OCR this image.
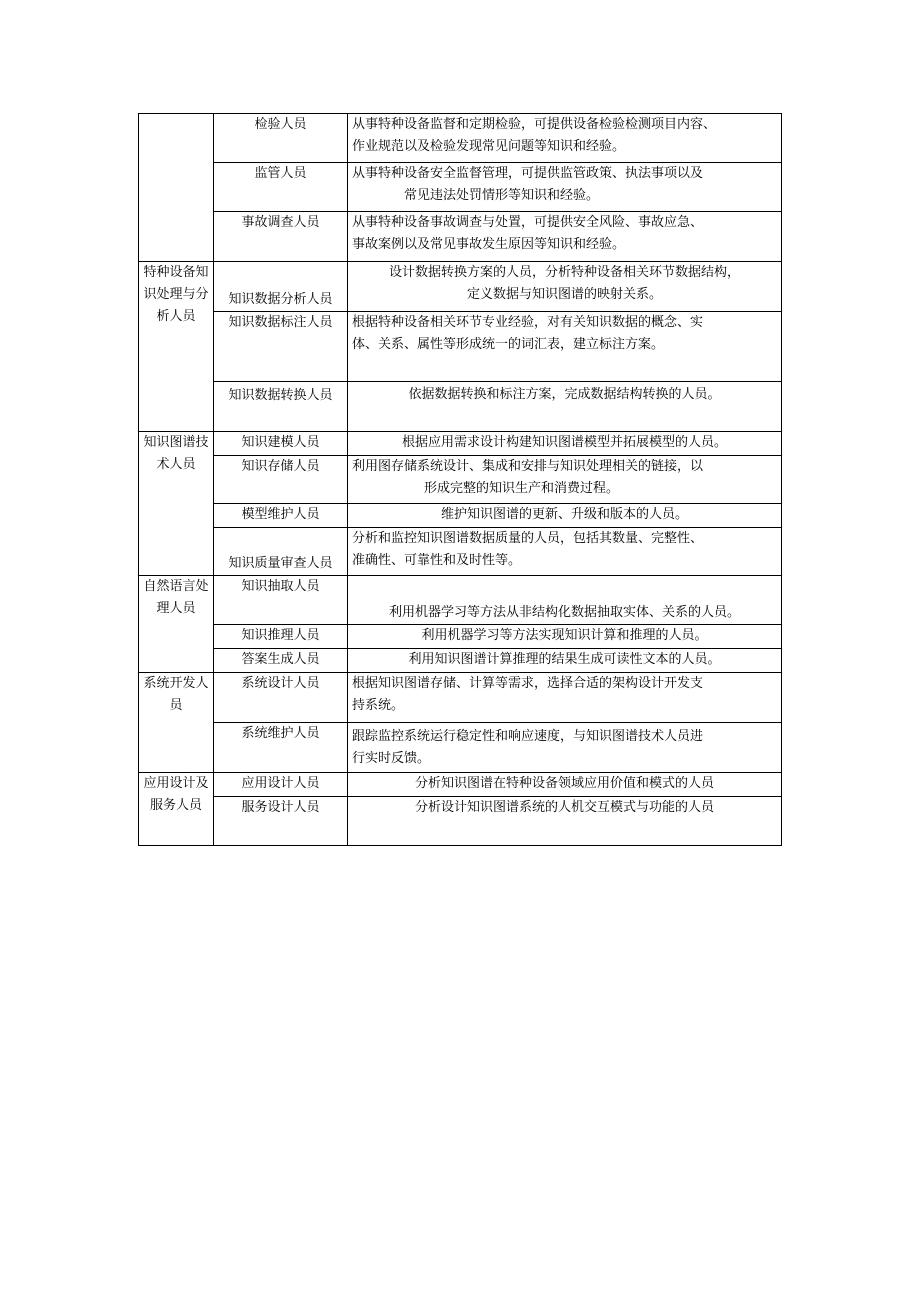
	检验人员	从事特种设备监督和定期检验，可提供设备检验检测项目内容、
作业规范以及检验发现常见问题等知识和经验。
	监管人员	从事特种设备安全监督管理，可提供监管政策、执法事项以及

常见违法处罚情形等知识和经验。

	事故调查人员	从事特种设备事故调查与处置，可提供安全风险、事故应急、
事故案例以及常见事故发生原因等知识和经验。
特种设备知识处理与分析人员	知识数据分析人员	设计数据转换方案的人员，分析特种设备相关环节数据结构，
定义数据与知识图谱的映射关系。
	知识数据标注人员	根据特种设备相关环节专业经验，对有关知识数据的概念、实
体、关系、属性等形成统一的词汇表，建立标注方案。
	知识数据转换人员	依据数据转换和标注方案，完成数据结构转换的人员。
知识图谱技术人员	知识建模人员	根据应用需求设计构建知识图谱模型并拓展模型的人员。
	知识存储人员	利用图存储系统设计、集成和安排与知识处理相关的链接，以

形成完整的知识生产和消费过程。

	模型维护人员	维护知识图谱的更新、升级和版本的人员。
	知识质量审查人员	分析和监控知识图谱数据质量的人员，包括其数量、完整性、
准确性、可靠性和及时性等。
自然语言处理人员	知识抽取人员	利用机器学习等方法从非结构化数据抽取实体、关系的人员。
	知识推理人员	利用机器学习等方法实现知识计算和推理的人员。
	答案生成人员	利用知识图谱计算推理的结果生成可读性文本的人员。
系统开发人员	系统设计人员	根据知识图谱存储、计算等需求，选择合适的架构设计开发支
持系统。
	系统维护人员	跟踪监控系统运行稳定性和响应速度，与知识图谱技术人员进
行实时反馈。
应用设计及服务人员	应用设计人员	分析知识图谱在特种设备领域应用价值和模式的人员
	服务设计人员	分析设计知识图谱系统的人机交互模式与功能的人员
